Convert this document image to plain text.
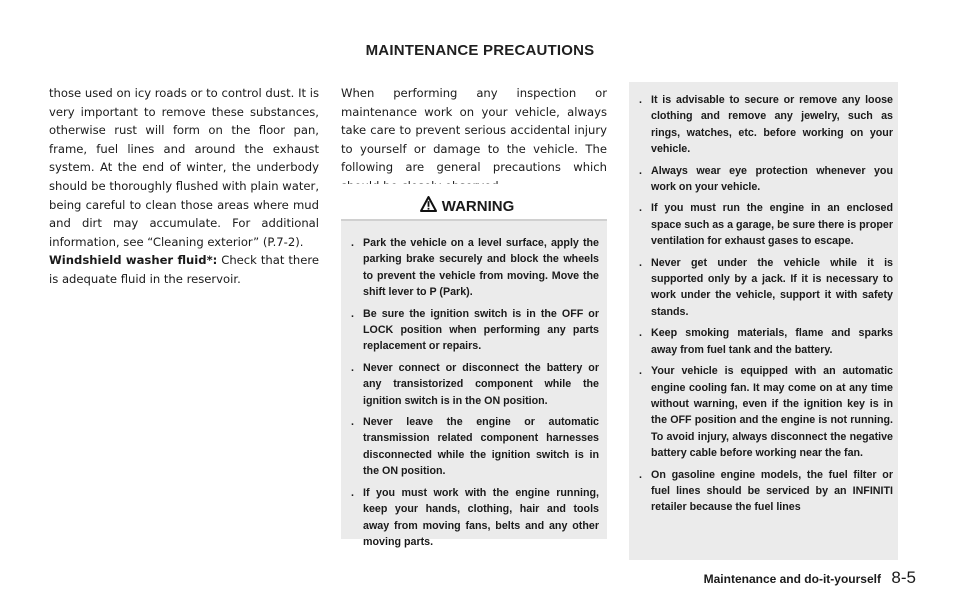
MAINTENANCE PRECAUTIONS

those used on icy roads or to control dust. It is very important to remove these substances, otherwise rust will form on the floor pan, frame, fuel lines and around the exhaust system. At the end of winter, the underbody should be thoroughly flushed with plain water, being careful to clean those areas where mud and dirt may accumulate. For additional information, see “Cleaning exterior” (P.7-2).

Windshield washer fluid*: Check that there is adequate fluid in the reservoir.

When performing any inspection or maintenance work on your vehicle, always take care to prevent serious accidental injury to yourself or damage to the vehicle. The following are general precautions which

WARNING
. Park the vehicle on a level surface, apply the parking brake securely and block the wheels to prevent the vehicle from moving. Move the shift lever to P (Park).
. Be sure the ignition switch is in the OFF or LOCK position when performing any parts replacement or repairs.
. Never connect or disconnect the battery or any transistorized component while the ignition switch is in the ON position.
. Never leave the engine or automatic transmission related component harnesses disconnected while the ignition switch is in the ON position.
. If you must work with the engine running, keep your hands, clothing, hair and tools away from moving fans, belts and any other moving parts.
. It is advisable to secure or remove any loose clothing and remove any jewelry, such as rings, watches, etc. before working on your vehicle.
. Always wear eye protection whenever you work on your vehicle.
. If you must run the engine in an enclosed space such as a garage, be sure there is proper ventilation for exhaust gases to escape.
. Never get under the vehicle while it is supported only by a jack. If it is necessary to work under the vehicle, support it with safety stands.
. Keep smoking materials, flame and sparks away from fuel tank and the battery.
. Your vehicle is equipped with an automatic engine cooling fan. It may come on at any time without warning, even if the ignition key is in the OFF position and the engine is not running. To avoid injury, always disconnect the negative battery cable before working near the fan.
. On gasoline engine models, the fuel filter or fuel lines should be serviced by an INFINITI retailer because the fuel lines
Maintenance and do-it-yourself 8-5
